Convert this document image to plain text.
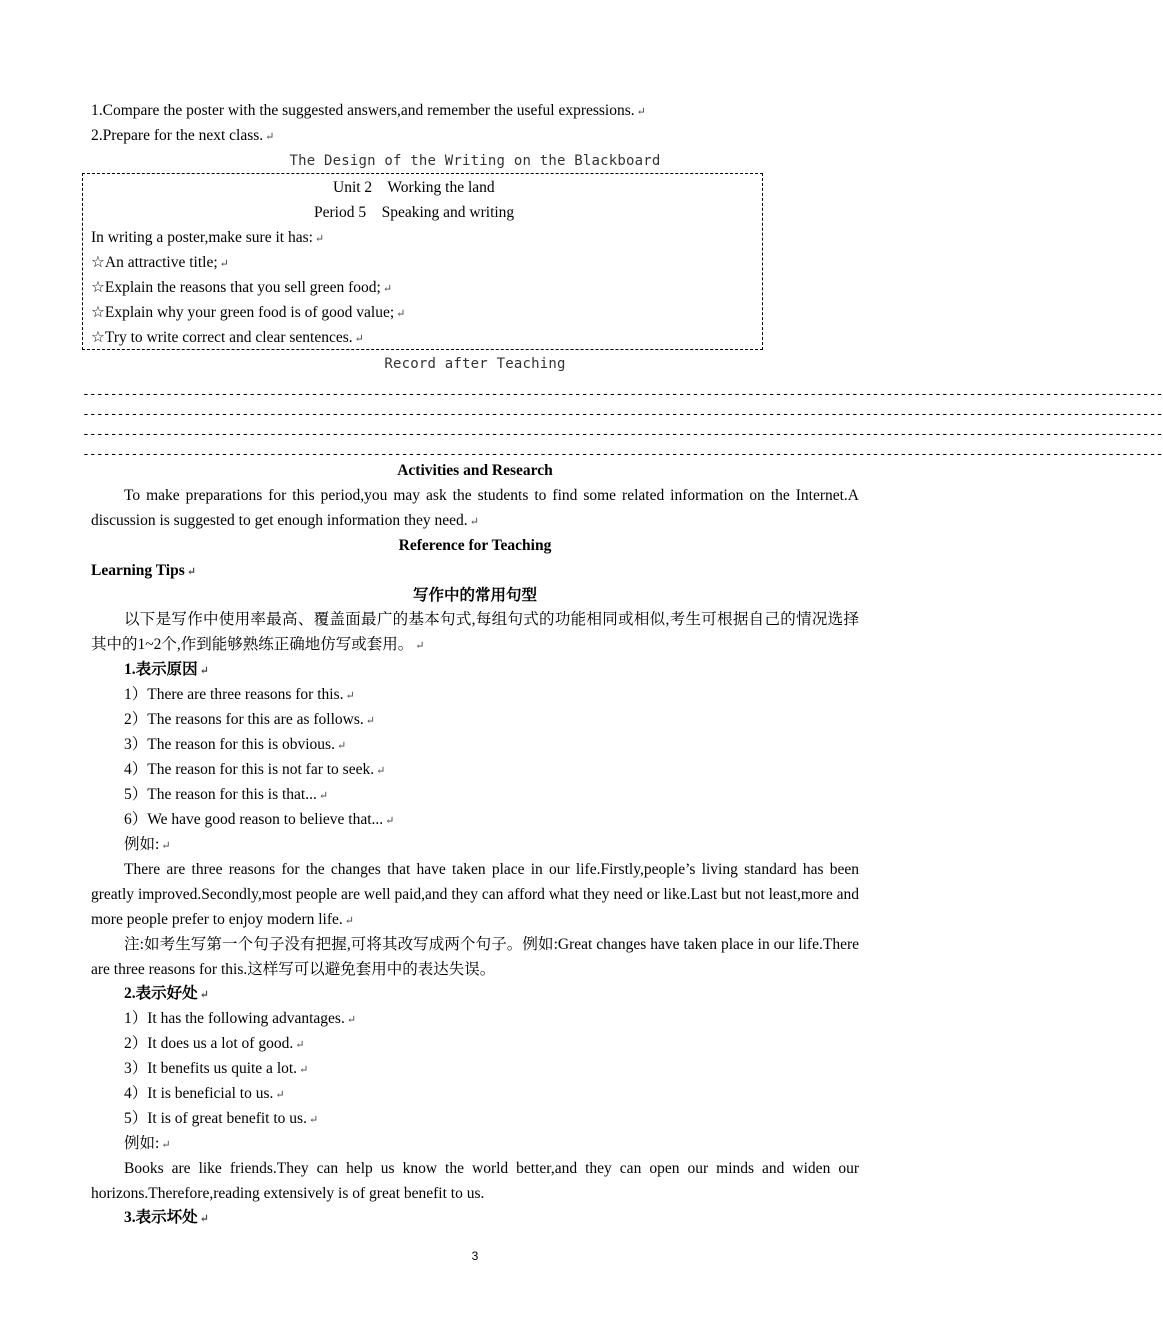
1.Compare the poster with the suggested answers,and remember the useful expressions. ↵
2.Prepare for the next class. ↵
The Design of the Writing on the Blackboard
Unit 2    Working the land
Period 5    Speaking and writing
In writing a poster,make sure it has: ↵
☆An attractive title; ↵
☆Explain the reasons that you sell green food; ↵
☆Explain why your green food is of good value; ↵
☆Try to write correct and clear sentences. ↵
Record after Teaching
------------------------------------------------------------------------------------------------------------------------------------------------------------
------------------------------------------------------------------------------------------------------------------------------------------------------------
------------------------------------------------------------------------------------------------------------------------------------------------------------
------------------------------------------------------------------------------------------------------------------------------------------------------------
Activities and Research
To make preparations for this period,you may ask the students to find some related information on the Internet.A discussion is suggested to get enough information they need. ↵
Reference for Teaching
Learning Tips ↵
写作中的常用句型
以下是写作中使用率最高、覆盖面最广的基本句式,每组句式的功能相同或相似,考生可根据自己的情况选择其中的1~2个,作到能够熟练正确地仿写或套用。 ↵
1.表示原因 ↵
1）There are three reasons for this. ↵
2）The reasons for this are as follows. ↵
3）The reason for this is obvious. ↵
4）The reason for this is not far to seek. ↵
5）The reason for this is that... ↵
6）We have good reason to believe that... ↵
例如: ↵
There are three reasons for the changes that have taken place in our life.Firstly,people’s living standard has been greatly improved.Secondly,most people are well paid,and they can afford what they need or like.Last but not least,more and more people prefer to enjoy modern life. ↵
注:如考生写第一个句子没有把握,可将其改写成两个句子。例如:Great changes have taken place in our life.There are three reasons for this.这样写可以避免套用中的表达失误。
2.表示好处 ↵
1）It has the following advantages. ↵
2）It does us a lot of good. ↵
3）It benefits us quite a lot. ↵
4）It is beneficial to us. ↵
5）It is of great benefit to us. ↵
例如: ↵
Books are like friends.They can help us know the world better,and they can open our minds and widen our horizons.Therefore,reading extensively is of great benefit to us.
3.表示坏处 ↵
3
